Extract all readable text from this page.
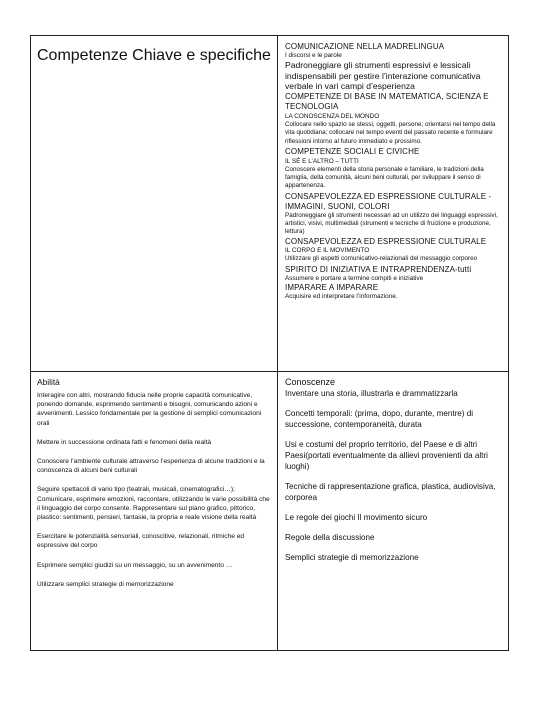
Competenze Chiave e specifiche

COMUNICAZIONE NELLA MADRELINGUA

I discorsi e le parole

Padroneggiare gli strumenti espressivi e lessicali indispensabili per gestire l’interazione comunicativa verbale in vari campi d’esperienza

COMPETENZE DI BASE IN MATEMATICA, SCIENZA E TECNOLOGIA

LA CONOSCENZA DEL MONDO

Collocare nello spazio se stessi, oggetti, persone; orientarsi nel tempo della vita quotidiana; collocare nel tempo eventi del passato recente e formulare riflessioni intorno al futuro immediato e prossimo.

COMPETENZE SOCIALI E CIVICHE

IL SÉ E L’ALTRO – TUTTI

Conoscere elementi della storia personale e familiare, le tradizioni della famiglia, della comunità, alcuni beni culturali, per sviluppare il senso di appartenenza.

CONSAPEVOLEZZA ED ESPRESSIONE CULTURALE - IMMAGINI, SUONI, COLORI

Padroneggiare gli strumenti necessari ad un utilizzo dei linguaggi espressivi, artistici, visivi, multimediali (strumenti e tecniche di fruizione e produzione, lettura)

CONSAPEVOLEZZA ED ESPRESSIONE CULTURALE

IL CORPO E IL MOVIMENTO

Utilizzare gli aspetti comunicativo-relazionali del messaggio corporeo

SPIRITO DI INIZIATIVA E INTRAPRENDENZA-tutti

Assumere e portare a termine compiti e iniziative

IMPARARE A IMPARARE

Acquisire ed interpretare l’informazione.

Abilità

Interagire con altri, mostrando fiducia nelle proprie capacità comunicative, ponendo domande, esprimendo sentimenti e bisogni, comunicando azioni e avvenimenti. Lessico fondamentale per la gestione di semplici comunicazioni orali

Mettere in successione ordinata fatti e fenomeni della realtà

Conoscere l’ambiente culturale attraverso l’esperienza di alcune tradizioni e la conoscenza di alcuni beni culturali

Seguire spettacoli di vario tipo (teatrali, musicali, cinematografici…); Comunicare, esprimere emozioni, raccontare, utilizzando le varie possibilità che il linguaggio del corpo consente. Rappresentare sul piano grafico, pittorico, plastico: sentimenti, pensieri, fantasie, la propria e reale visione della realtà

Esercitare le potenzialità sensoriali, conoscitive, relazionali, ritmiche ed espressive del corpo

Esprimere semplici giudizi su un messaggio, su un avvenimento …

Utilizzare semplici strategie di memorizzazione

Conoscenze

Inventare una storia, illustrarla e drammatizzarla

Concetti temporali: (prima, dopo, durante, mentre) di successione, contemporaneità, durata

Usi e costumi del proprio territorio, del Paese e di altri Paesi(portati eventualmente da allievi provenienti da altri luoghi)

Tecniche di rappresentazione grafica, plastica, audiovisiva, corporea

Le regole dei giochi Il movimento sicuro

Regole della discussione

Semplici strategie di memorizzazione
